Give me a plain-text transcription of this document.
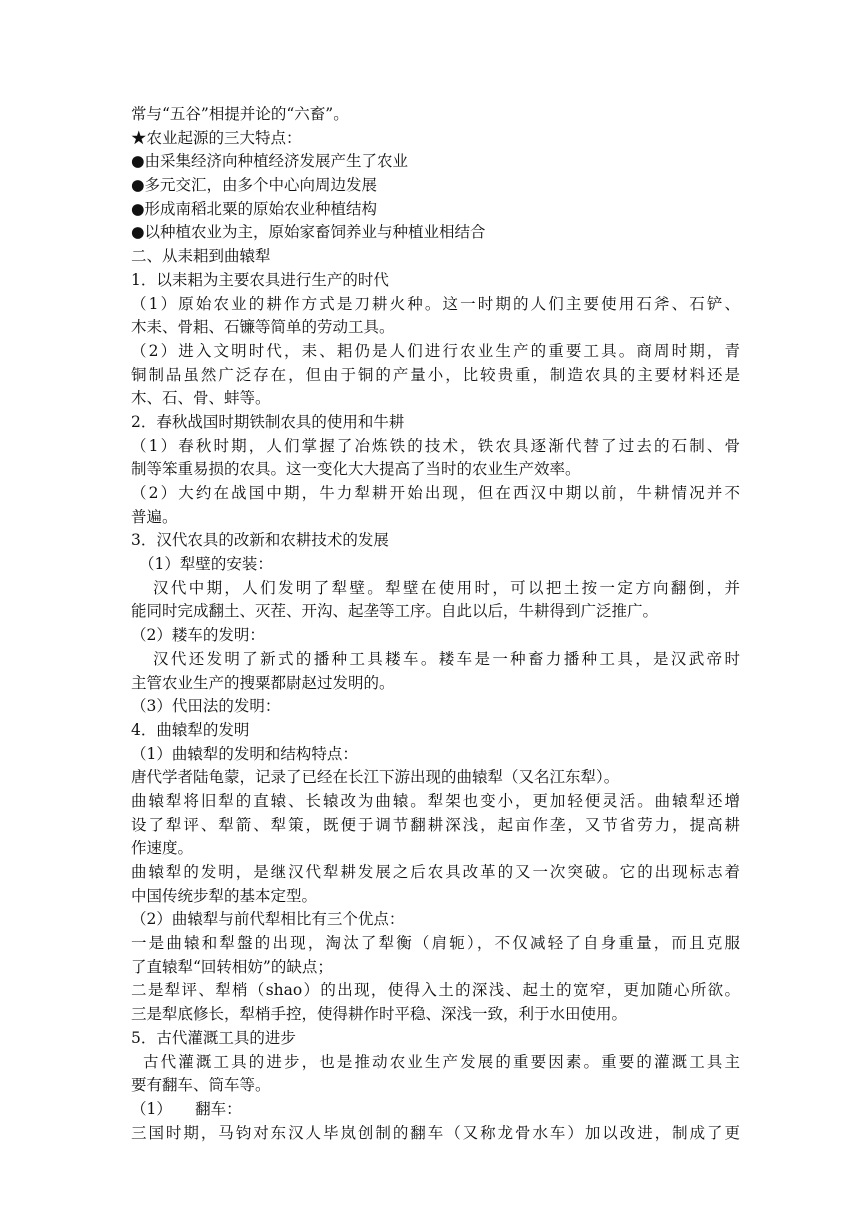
常与“五谷”相提并论的“六畜”。
★农业起源的三大特点：
●由采集经济向种植经济发展产生了农业
●多元交汇，由多个中心向周边发展
●形成南稻北粟的原始农业种植结构
●以种植农业为主，原始家畜饲养业与种植业相结合
二、从耒耜到曲辕犁
1．以耒耜为主要农具进行生产的时代
（1）原始农业的耕作方式是刀耕火种。这一时期的人们主要使用石斧、石铲、
木耒、骨耜、石镰等简单的劳动工具。
（2）进入文明时代，耒、耜仍是人们进行农业生产的重要工具。商周时期，青
铜制品虽然广泛存在，但由于铜的产量小，比较贵重，制造农具的主要材料还是
木、石、骨、蚌等。
2．春秋战国时期铁制农具的使用和牛耕
（1）春秋时期，人们掌握了冶炼铁的技术，铁农具逐渐代替了过去的石制、骨
制等笨重易损的农具。这一变化大大提高了当时的农业生产效率。
（2）大约在战国中期，牛力犁耕开始出现，但在西汉中期以前，牛耕情况并不
普遍。
3．汉代农具的改新和农耕技术的发展
（1）犁壁的安装：
汉代中期，人们发明了犁壁。犁壁在使用时，可以把土按一定方向翻倒，并
能同时完成翻土、灭茬、开沟、起垄等工序。自此以后，牛耕得到广泛推广。
（2）耧车的发明：
汉代还发明了新式的播种工具耧车。耧车是一种畜力播种工具，是汉武帝时
主管农业生产的搜粟都尉赵过发明的。
（3）代田法的发明：
4．曲辕犁的发明
（1）曲辕犁的发明和结构特点：
唐代学者陆龟蒙，记录了已经在长江下游出现的曲辕犁（又名江东犁）。
曲辕犁将旧犁的直辕、长辕改为曲辕。犁架也变小，更加轻便灵活。曲辕犁还增
设了犁评、犁箭、犁策，既便于调节翻耕深浅，起亩作垄，又节省劳力，提高耕
作速度。
曲辕犁的发明，是继汉代犁耕发展之后农具改革的又一次突破。它的出现标志着
中国传统步犁的基本定型。
（2）曲辕犁与前代犁相比有三个优点：
一是曲辕和犁盤的出现，淘汰了犁衡（肩轭），不仅减轻了自身重量，而且克服
了直辕犁“回转相妨”的缺点；
二是犁评、犁梢（shao）的出现，使得入土的深浅、起土的宽窄，更加随心所欲。
三是犁底修长，犁梢手控，使得耕作时平稳、深浅一致，利于水田使用。
5．古代灌溉工具的进步
古代灌溉工具的进步，也是推动农业生产发展的重要因素。重要的灌溉工具主
要有翻车、筒车等。
（1）　　翻车：
三国时期，马钧对东汉人毕岚创制的翻车（又称龙骨水车）加以改进，制成了更
